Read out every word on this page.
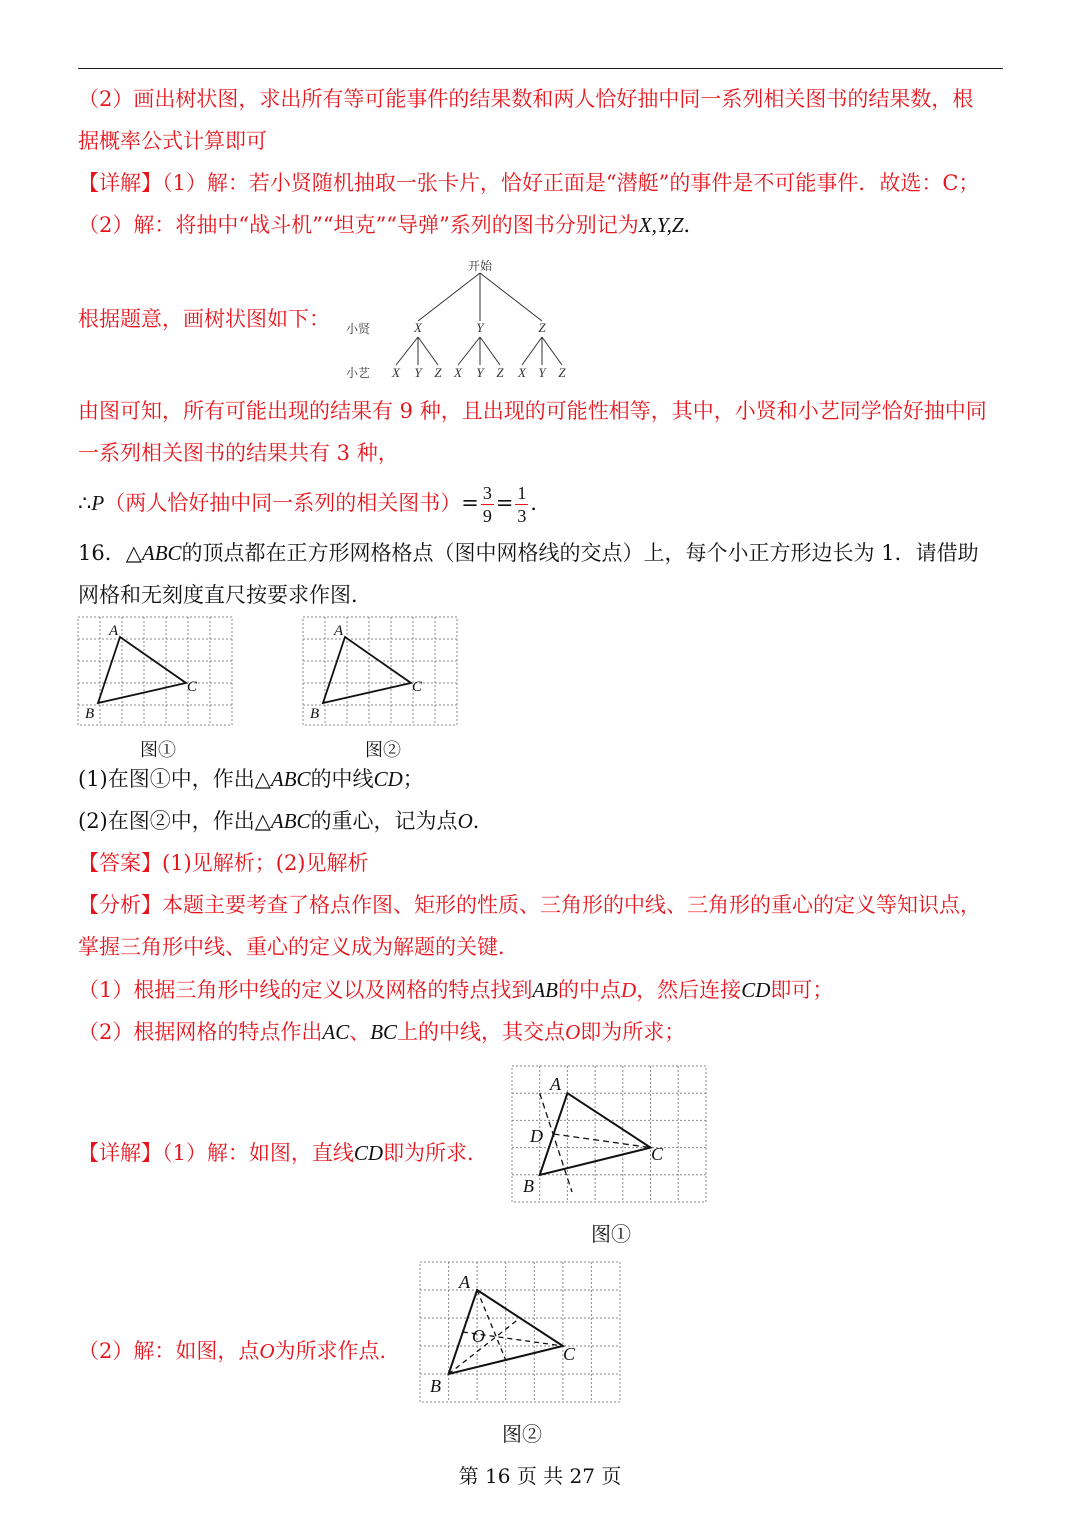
（2）画出树状图，求出所有等可能事件的结果数和两人恰好抽中同一系列相关图书的结果数，根
据概率公式计算即可
【详解】（1）解：若小贤随机抽取一张卡片，恰好正面是“潜艇”的事件是不可能事件．故选：C；
（2）解：将抽中“战斗机”“坦克”“导弹”系列的图书分别记为X,Y,Z．
根据题意，画树状图如下：
开始
小贤
小艺
X	Y	Z
X Y Z X Y Z X Y Z
由图可知，所有可能出现的结果有 9 种，且出现的可能性相等，其中，小贤和小艺同学恰好抽中同
一系列相关图书的结果共有 3 种，
∴P（两人恰好抽中同一系列的相关图书）= $\frac{3}{9} = \frac{1}{3}$ ．
16．△ABC的顶点都在正方形网格格点（图中网格线的交点）上，每个小正方形边长为 1．请借助
网格和无刻度直尺按要求作图．
A
B
C
图①
A
B
C
图②
(1)在图①中，作出△ABC的中线CD；
(2)在图②中，作出△ABC的重心，记为点O．
【答案】(1)见解析；(2)见解析
【分析】本题主要考查了格点作图、矩形的性质、三角形的中线、三角形的重心的定义等知识点，
掌握三角形中线、重心的定义成为解题的关键．
（1）根据三角形中线的定义以及网格的特点找到AB的中点D，然后连接CD即可；
（2）根据网格的特点作出AC、BC上的中线，其交点O即为所求；
【详解】（1）解：如图，直线CD即为所求．
A
D
C
B
图①
（2）解：如图，点O为所求作点．
A
O
C
B
图②
第 16 页 共 27 页
